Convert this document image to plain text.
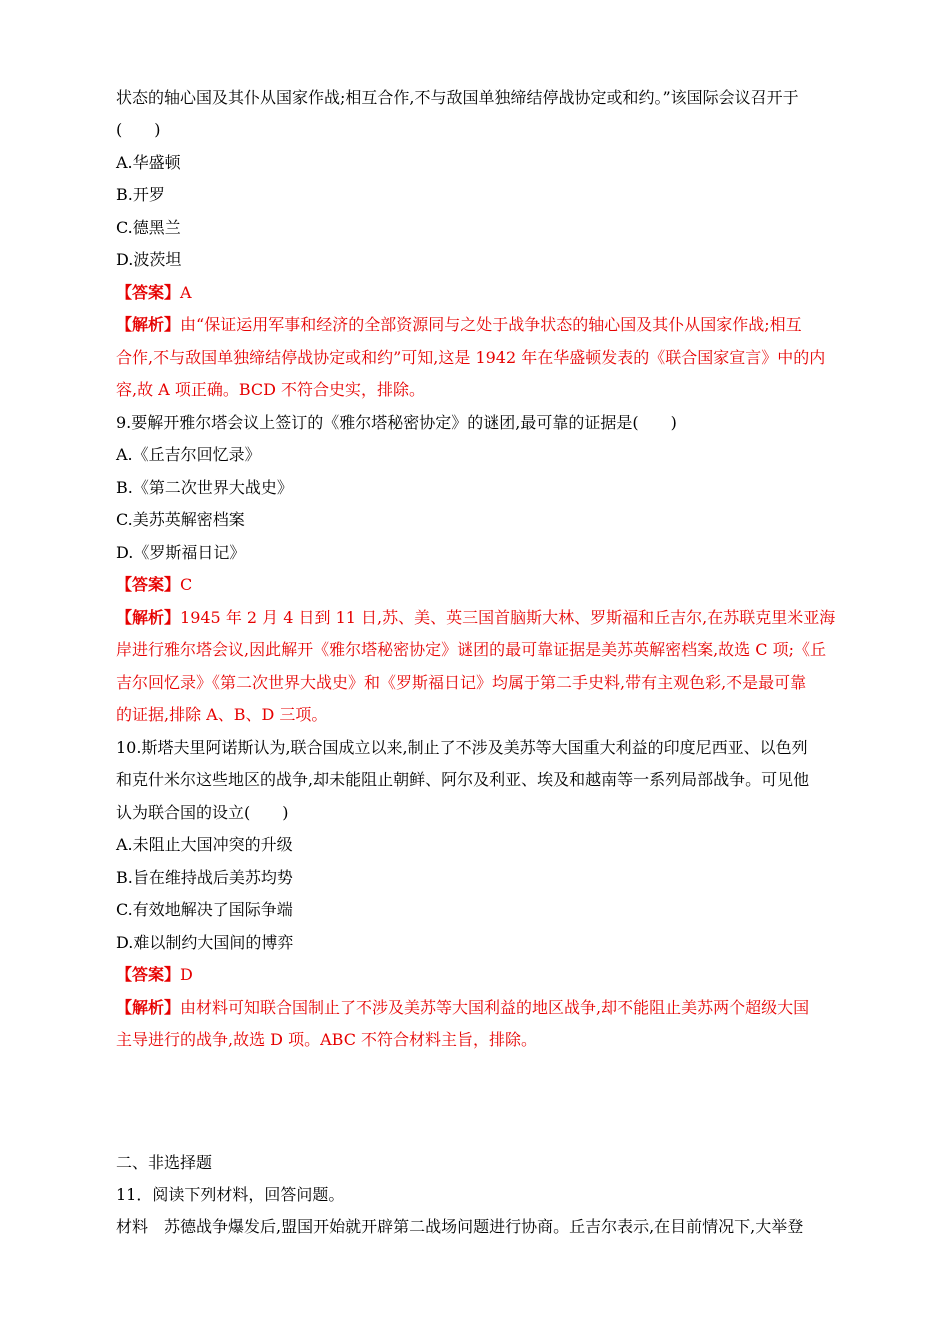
状态的轴心国及其仆从国家作战;相互合作,不与敌国单独缔结停战协定或和约。”该国际会议召开于
(　　)
A.华盛顿
B.开罗
C.德黑兰
D.波茨坦
【答案】A
【解析】由“保证运用军事和经济的全部资源同与之处于战争状态的轴心国及其仆从国家作战;相互
合作,不与敌国单独缔结停战协定或和约”可知,这是 1942 年在华盛顿发表的《联合国家宣言》中的内
容,故 A 项正确。BCD 不符合史实，排除。
9.要解开雅尔塔会议上签订的《雅尔塔秘密协定》的谜团,最可靠的证据是(　　)
A.《丘吉尔回忆录》
B.《第二次世界大战史》
C.美苏英解密档案
D.《罗斯福日记》
【答案】C
【解析】1945 年 2 月 4 日到 11 日,苏、美、英三国首脑斯大林、罗斯福和丘吉尔,在苏联克里米亚海
岸进行雅尔塔会议,因此解开《雅尔塔秘密协定》谜团的最可靠证据是美苏英解密档案,故选 C 项;《丘
吉尔回忆录》《第二次世界大战史》和《罗斯福日记》均属于第二手史料,带有主观色彩,不是最可靠
的证据,排除 A、B、D 三项。
10.斯塔夫里阿诺斯认为,联合国成立以来,制止了不涉及美苏等大国重大利益的印度尼西亚、以色列
和克什米尔这些地区的战争,却未能阻止朝鲜、阿尔及利亚、埃及和越南等一系列局部战争。可见他
认为联合国的设立(　　)
A.未阻止大国冲突的升级
B.旨在维持战后美苏均势
C.有效地解决了国际争端
D.难以制约大国间的博弈
【答案】D
【解析】由材料可知联合国制止了不涉及美苏等大国利益的地区战争,却不能阻止美苏两个超级大国
主导进行的战争,故选 D 项。ABC 不符合材料主旨，排除。
二、非选择题
11．阅读下列材料，回答问题。
材料　苏德战争爆发后,盟国开始就开辟第二战场问题进行协商。丘吉尔表示,在目前情况下,大举登
